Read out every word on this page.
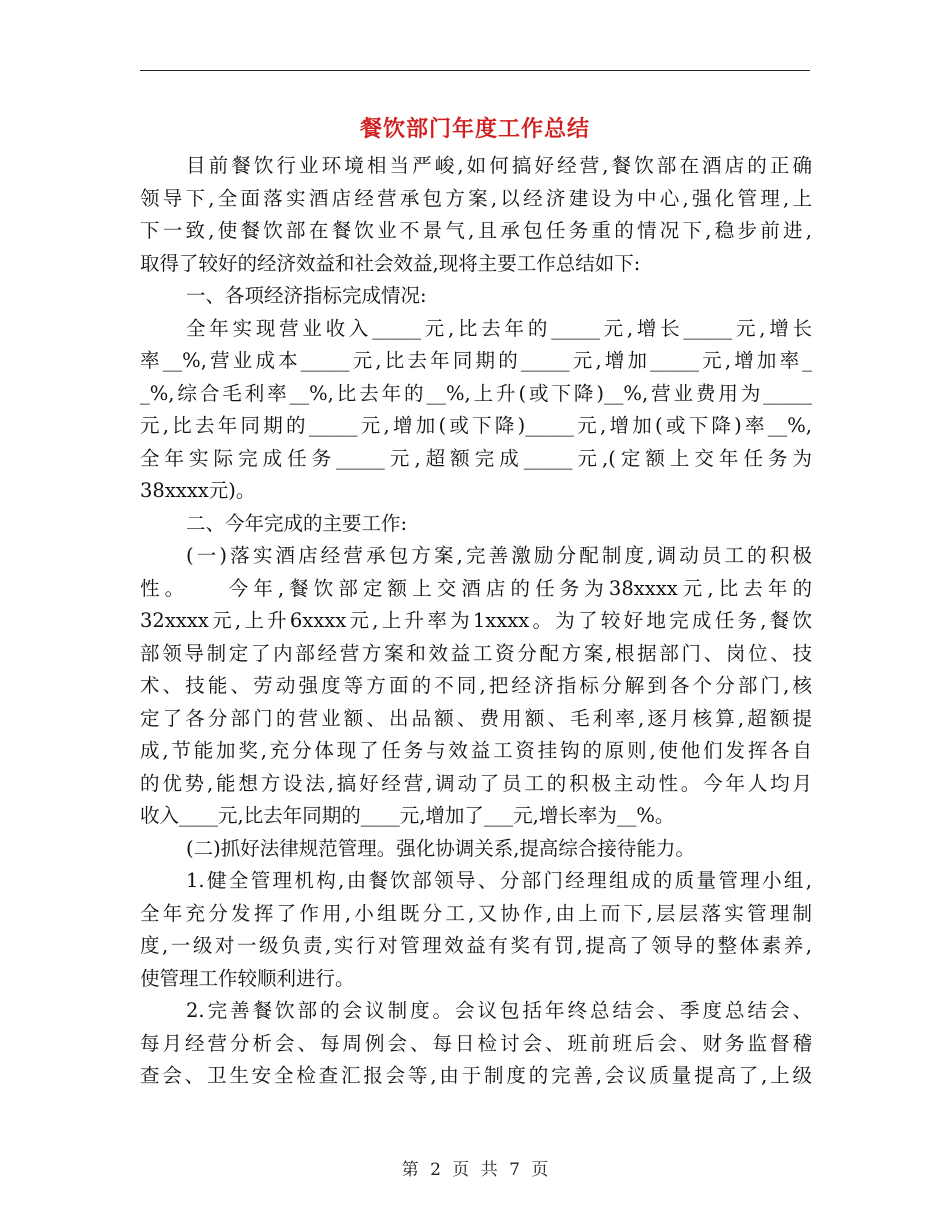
餐饮部门年度工作总结
目前餐饮行业环境相当严峻,如何搞好经营,餐饮部在酒店的正确
领导下,全面落实酒店经营承包方案,以经济建设为中心,强化管理,上
下一致,使餐饮部在餐饮业不景气,且承包任务重的情况下,稳步前进,
取得了较好的经济效益和社会效益,现将主要工作总结如下:
一、各项经济指标完成情况:
全年实现营业收入_____元,比去年的_____元,增长_____元,增长
率__%,营业成本_____元,比去年同期的_____元,增加_____元,增加率_
_%,综合毛利率__%,比去年的__%,上升(或下降)__%,营业费用为_____
元,比去年同期的_____元,增加(或下降)_____元,增加(或下降)率__%,
全年实际完成任务_____元,超额完成_____元,(定额上交年任务为
38xxxx元)。
二、今年完成的主要工作:
(一)落实酒店经营承包方案,完善激励分配制度,调动员工的积极
性。　　今年,餐饮部定额上交酒店的任务为38xxxx元,比去年的
32xxxx元,上升6xxxx元,上升率为1xxxx。为了较好地完成任务,餐饮
部领导制定了内部经营方案和效益工资分配方案,根据部门、岗位、技
术、技能、劳动强度等方面的不同,把经济指标分解到各个分部门,核
定了各分部门的营业额、出品额、费用额、毛利率,逐月核算,超额提
成,节能加奖,充分体现了任务与效益工资挂钩的原则,使他们发挥各自
的优势,能想方设法,搞好经营,调动了员工的积极主动性。今年人均月
收入____元,比去年同期的____元,增加了___元,增长率为__%。
(二)抓好法律规范管理。强化协调关系,提高综合接待能力。
1.健全管理机构,由餐饮部领导、分部门经理组成的质量管理小组,
全年充分发挥了作用,小组既分工,又协作,由上而下,层层落实管理制
度,一级对一级负责,实行对管理效益有奖有罚,提高了领导的整体素养,
使管理工作较顺利进行。
2.完善餐饮部的会议制度。会议包括年终总结会、季度总结会、
每月经营分析会、每周例会、每日检讨会、班前班后会、财务监督稽
查会、卫生安全检查汇报会等,由于制度的完善,会议质量提高了,上级
第 2 页 共 7 页
